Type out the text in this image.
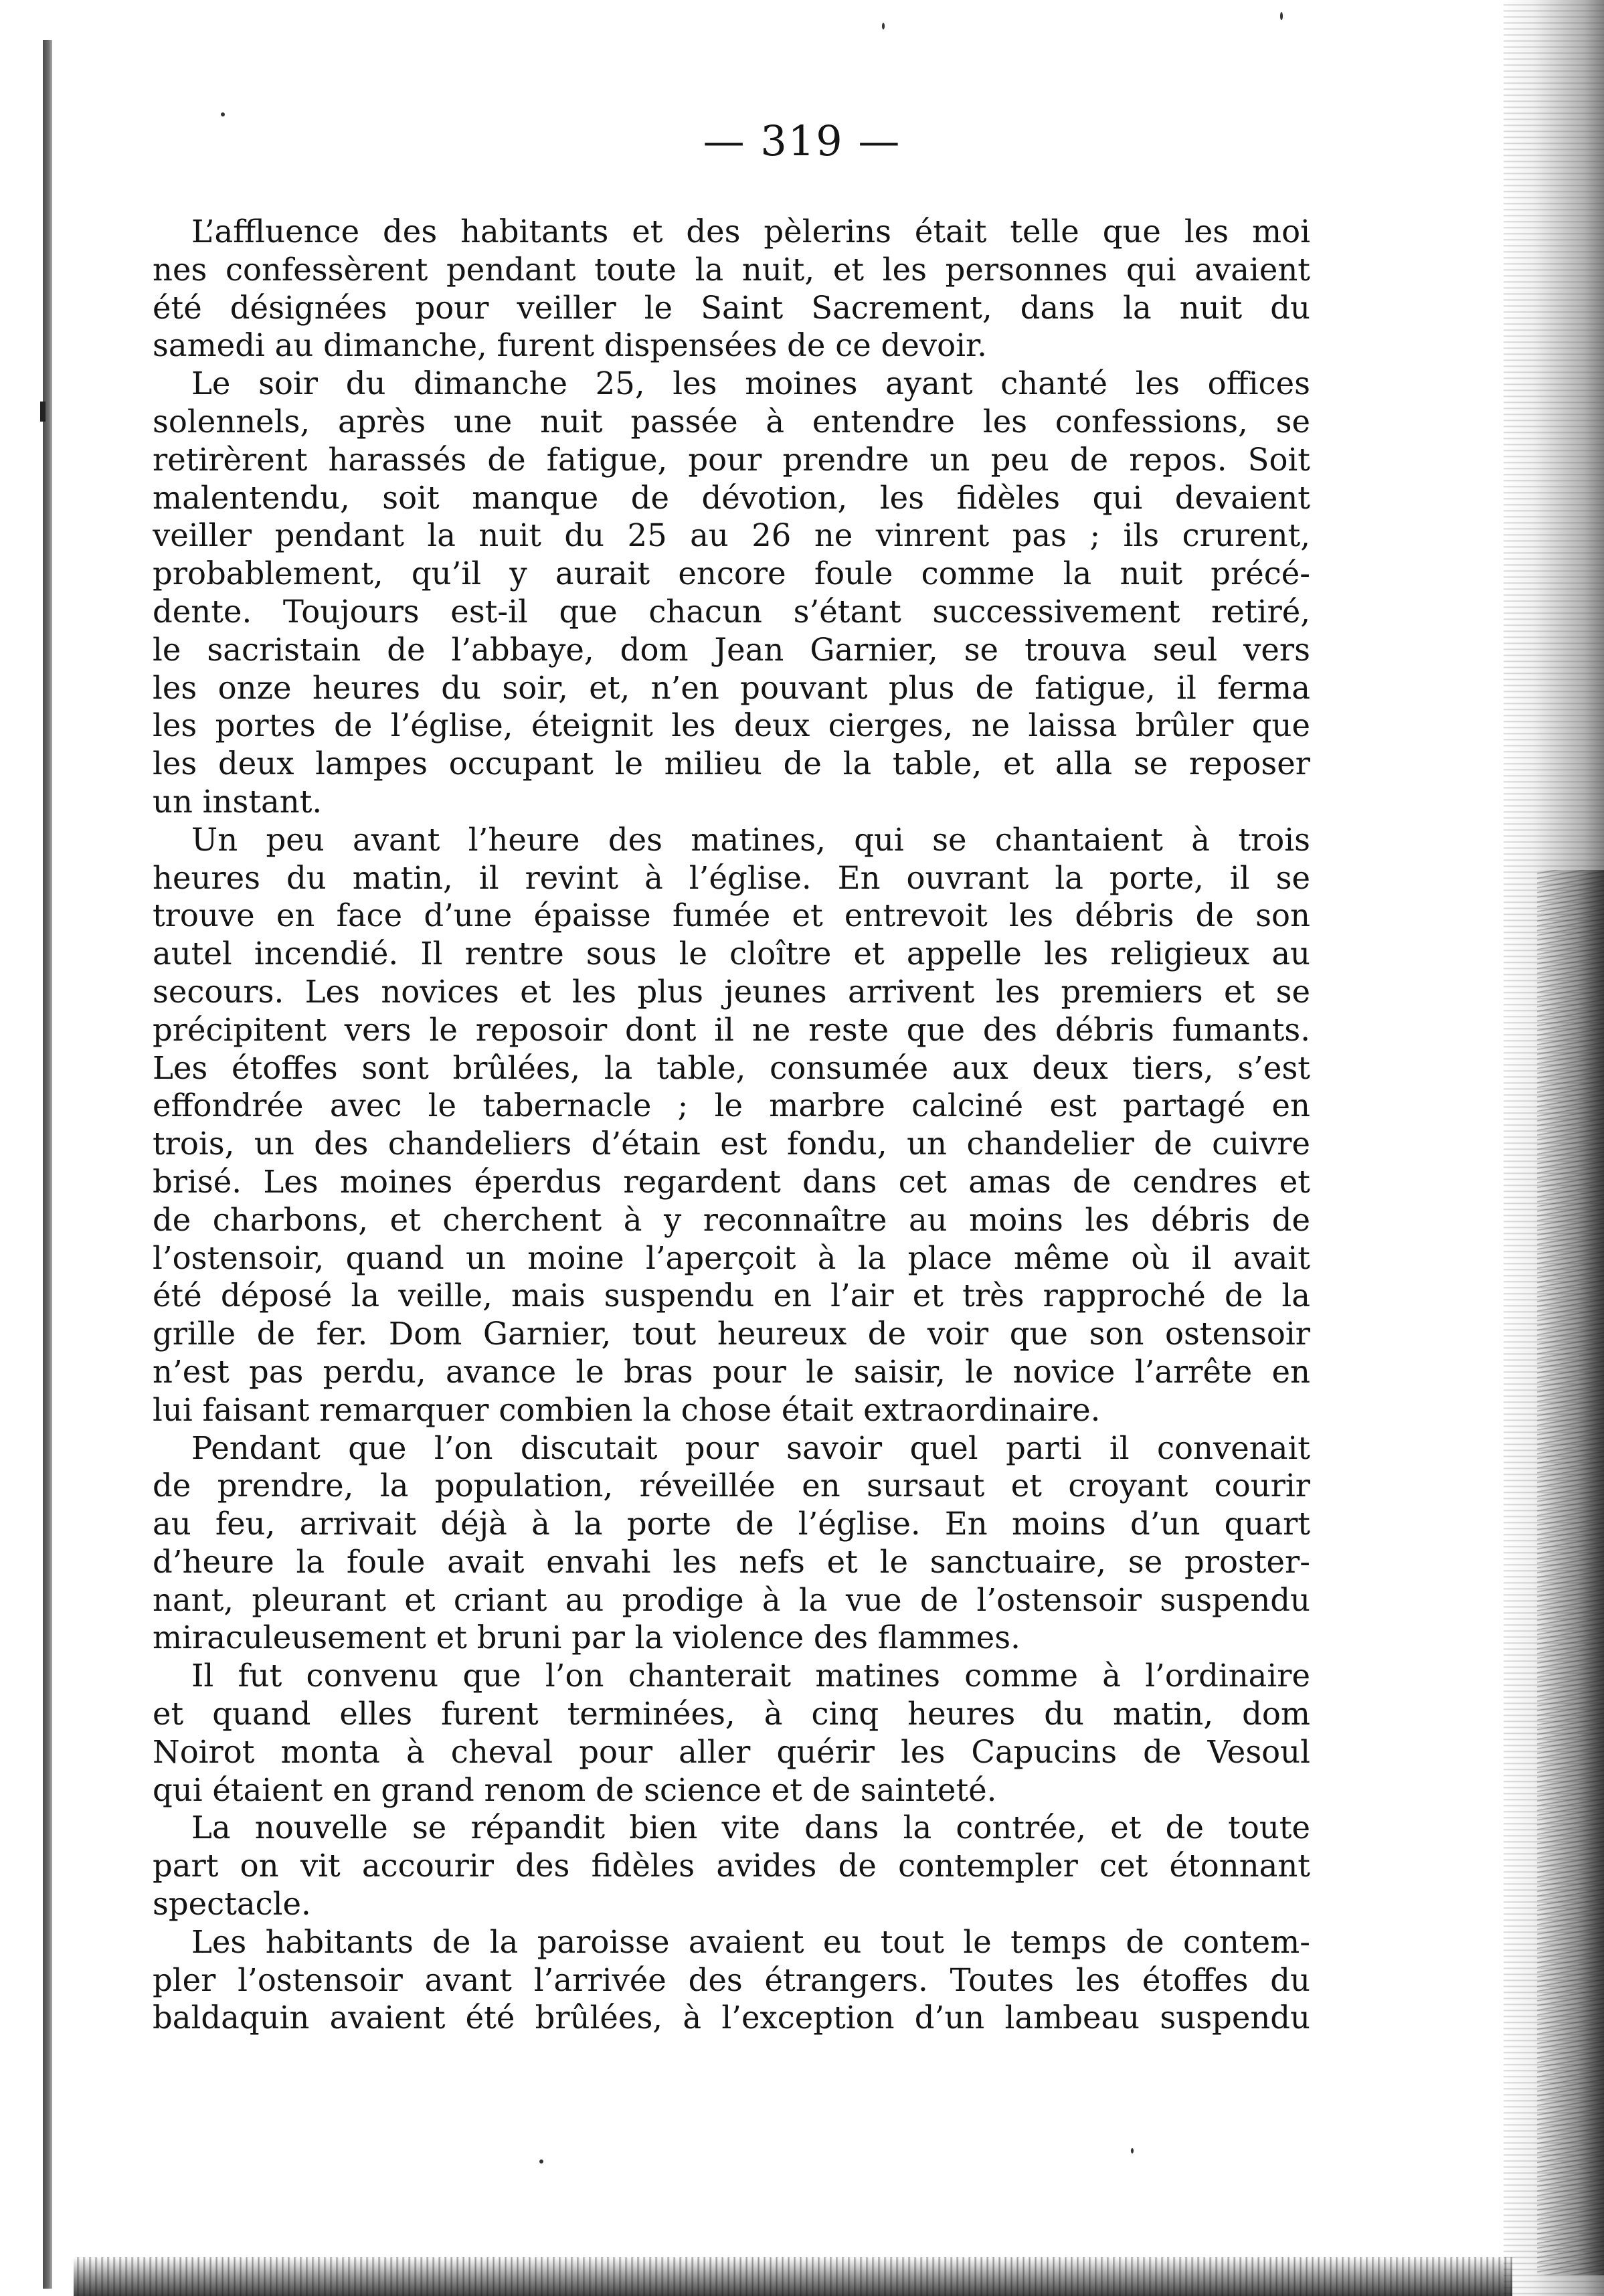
— 319 —

L’affluence des habitants et des pèlerins était telle que les moi
nes confessèrent pendant toute la nuit, et les personnes qui avaient
été désignées pour veiller le Saint Sacrement, dans la nuit du
samedi au dimanche, furent dispensées de ce devoir.

Le soir du dimanche 25, les moines ayant chanté les offices
solennels, après une nuit passée à entendre les confessions, se
retirèrent harassés de fatigue, pour prendre un peu de repos. Soit
malentendu, soit manque de dévotion, les fidèles qui devaient
veiller pendant la nuit du 25 au 26 ne vinrent pas ; ils crurent,
probablement, qu’il y aurait encore foule comme la nuit précé-
dente. Toujours est-il que chacun s’étant successivement retiré,
le sacristain de l’abbaye, dom Jean Garnier, se trouva seul vers
les onze heures du soir, et, n’en pouvant plus de fatigue, il ferma
les portes de l’église, éteignit les deux cierges, ne laissa brûler que
les deux lampes occupant le milieu de la table, et alla se reposer
un instant.

Un peu avant l’heure des matines, qui se chantaient à trois
heures du matin, il revint à l’église. En ouvrant la porte, il se
trouve en face d’une épaisse fumée et entrevoit les débris de son
autel incendié. Il rentre sous le cloître et appelle les religieux au
secours. Les novices et les plus jeunes arrivent les premiers et se
précipitent vers le reposoir dont il ne reste que des débris fumants.
Les étoffes sont brûlées, la table, consumée aux deux tiers, s’est
effondrée avec le tabernacle ; le marbre calciné est partagé en
trois, un des chandeliers d’étain est fondu, un chandelier de cuivre
brisé. Les moines éperdus regardent dans cet amas de cendres et
de charbons, et cherchent à y reconnaître au moins les débris de
l’ostensoir, quand un moine l’aperçoit à la place même où il avait
été déposé la veille, mais suspendu en l’air et très rapproché de la
grille de fer. Dom Garnier, tout heureux de voir que son ostensoir
n’est pas perdu, avance le bras pour le saisir, le novice l’arrête en
lui faisant remarquer combien la chose était extraordinaire.

Pendant que l’on discutait pour savoir quel parti il convenait
de prendre, la population, réveillée en sursaut et croyant courir
au feu, arrivait déjà à la porte de l’église. En moins d’un quart
d’heure la foule avait envahi les nefs et le sanctuaire, se proster-
nant, pleurant et criant au prodige à la vue de l’ostensoir suspendu
miraculeusement et bruni par la violence des flammes.

Il fut convenu que l’on chanterait matines comme à l’ordinaire
et quand elles furent terminées, à cinq heures du matin, dom
Noirot monta à cheval pour aller quérir les Capucins de Vesoul
qui étaient en grand renom de science et de sainteté.

La nouvelle se répandit bien vite dans la contrée, et de toute
part on vit accourir des fidèles avides de contempler cet étonnant
spectacle.

Les habitants de la paroisse avaient eu tout le temps de contem-
pler l’ostensoir avant l’arrivée des étrangers. Toutes les étoffes du
baldaquin avaient été brûlées, à l’exception d’un lambeau suspendu
